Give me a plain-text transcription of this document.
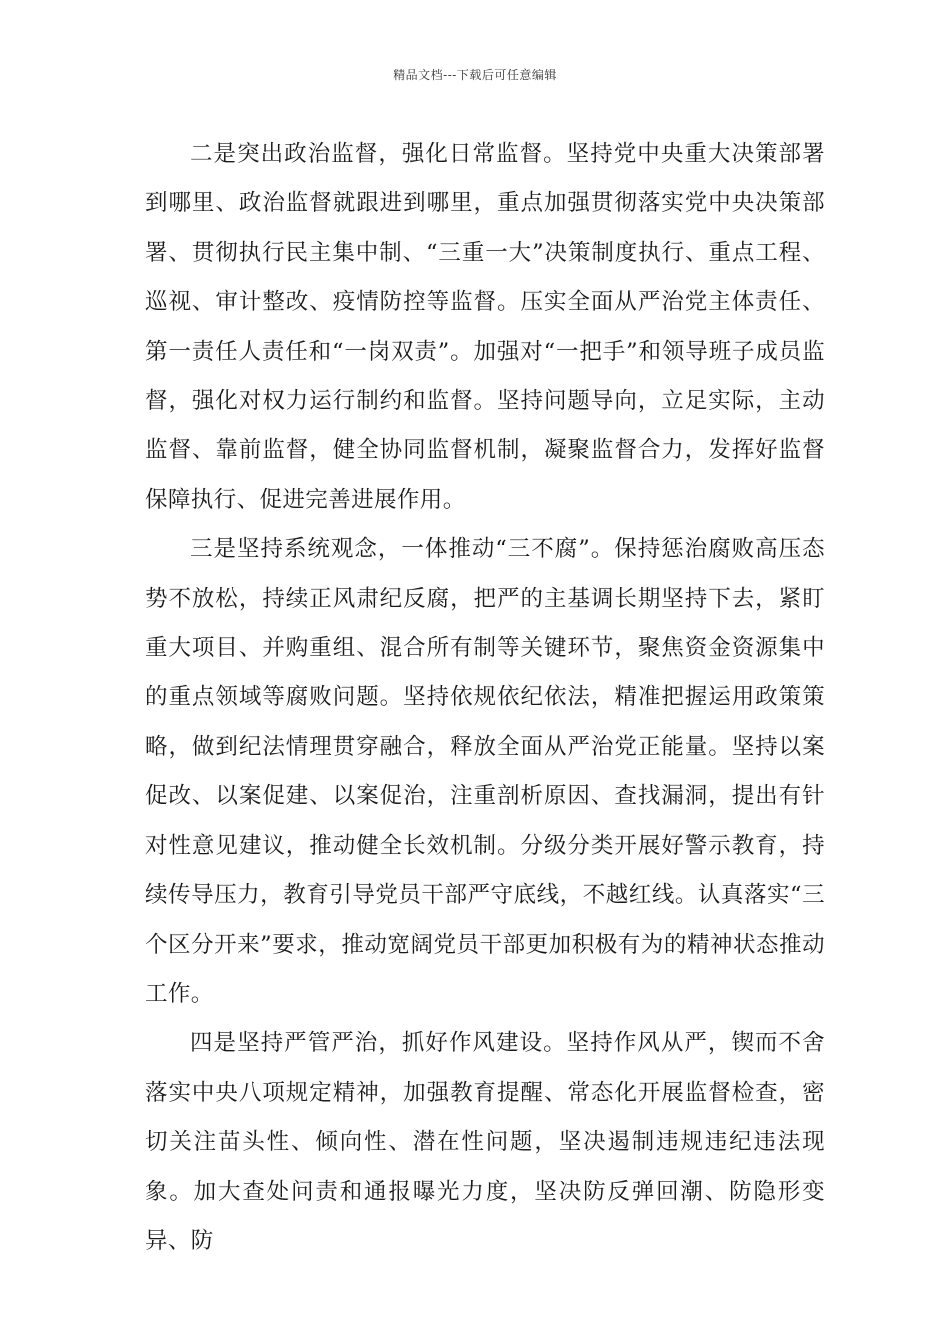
精品文档---下载后可任意编辑

二是突出政治监督，强化日常监督。坚持党中央重大决策部署到哪里、政治监督就跟进到哪里，重点加强贯彻落实党中央决策部署、贯彻执行民主集中制、“三重一大”决策制度执行、重点工程、巡视、审计整改、疫情防控等监督。压实全面从严治党主体责任、第一责任人责任和“一岗双责”。加强对“一把手”和领导班子成员监督，强化对权力运行制约和监督。坚持问题导向，立足实际，主动监督、靠前监督，健全协同监督机制，凝聚监督合力，发挥好监督保障执行、促进完善进展作用。

三是坚持系统观念，一体推动“三不腐”。保持惩治腐败高压态势不放松，持续正风肃纪反腐，把严的主基调长期坚持下去，紧盯重大项目、并购重组、混合所有制等关键环节，聚焦资金资源集中的重点领域等腐败问题。坚持依规依纪依法，精准把握运用政策策略，做到纪法情理贯穿融合，释放全面从严治党正能量。坚持以案促改、以案促建、以案促治，注重剖析原因、查找漏洞，提出有针对性意见建议，推动健全长效机制。分级分类开展好警示教育，持续传导压力，教育引导党员干部严守底线，不越红线。认真落实“三个区分开来”要求，推动宽阔党员干部更加积极有为的精神状态推动工作。

四是坚持严管严治，抓好作风建设。坚持作风从严，锲而不舍落实中央八项规定精神，加强教育提醒、常态化开展监督检查，密切关注苗头性、倾向性、潜在性问题，坚决遏制违规违纪违法现象。加大查处问责和通报曝光力度，坚决防反弹回潮、防隐形变异、防
